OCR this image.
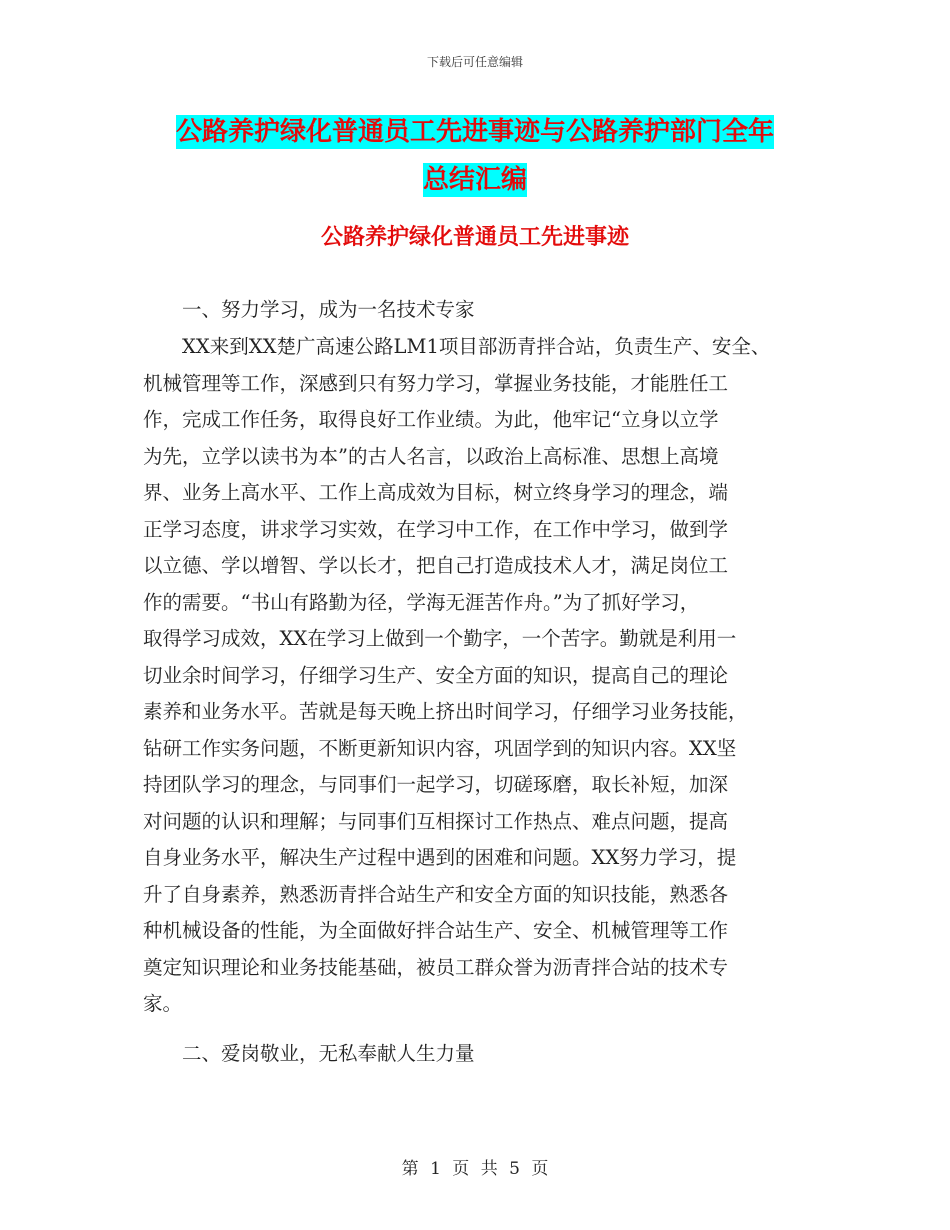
下载后可任意编辑
公路养护绿化普通员工先进事迹与公路养护部门全年
总结汇编
公路养护绿化普通员工先进事迹
一、努力学习，成为一名技术专家
XX来到XX楚广高速公路LM1项目部沥青拌合站，负责生产、安全、
机械管理等工作，深感到只有努力学习，掌握业务技能，才能胜任工
作，完成工作任务，取得良好工作业绩。为此，他牢记“立身以立学
为先，立学以读书为本”的古人名言，以政治上高标准、思想上高境
界、业务上高水平、工作上高成效为目标，树立终身学习的理念，端
正学习态度，讲求学习实效，在学习中工作，在工作中学习，做到学
以立德、学以增智、学以长才，把自己打造成技术人才，满足岗位工
作的需要。“书山有路勤为径，学海无涯苦作舟。”为了抓好学习，
取得学习成效，XX在学习上做到一个勤字，一个苦字。勤就是利用一
切业余时间学习，仔细学习生产、安全方面的知识，提高自己的理论
素养和业务水平。苦就是每天晚上挤出时间学习，仔细学习业务技能，
钻研工作实务问题，不断更新知识内容，巩固学到的知识内容。XX坚
持团队学习的理念，与同事们一起学习，切磋琢磨，取长补短，加深
对问题的认识和理解；与同事们互相探讨工作热点、难点问题，提高
自身业务水平，解决生产过程中遇到的困难和问题。XX努力学习，提
升了自身素养，熟悉沥青拌合站生产和安全方面的知识技能，熟悉各
种机械设备的性能，为全面做好拌合站生产、安全、机械管理等工作
奠定知识理论和业务技能基础，被员工群众誉为沥青拌合站的技术专
家。
二、爱岗敬业，无私奉献人生力量
第 1 页 共 5 页
